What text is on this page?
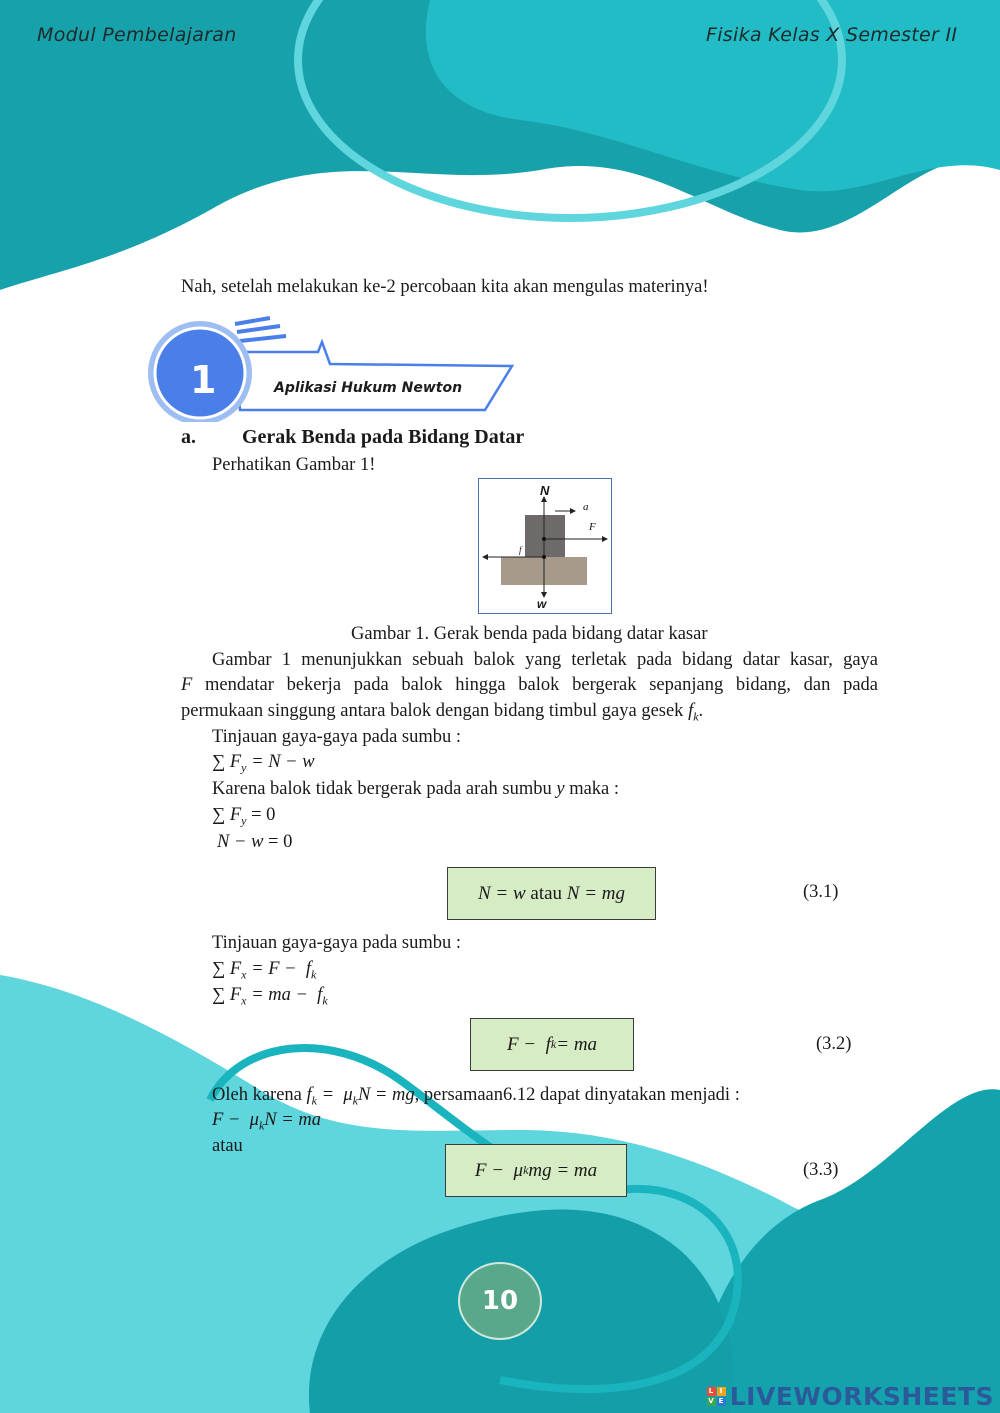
Modul Pembelajaran	Fisika Kelas X Semester II
Nah, setelah melakukan ke-2 percobaan kita akan mengulas materinya!
1	Aplikasi Hukum Newton
a. Gerak Benda pada Bidang Datar
Perhatikan Gambar 1!
N
a
F
f
w
Gambar 1. Gerak benda pada bidang datar kasar
Gambar 1 menunjukkan sebuah balok yang terletak pada bidang datar kasar, gaya
F mendatar bekerja pada balok hingga balok bergerak sepanjang bidang, dan pada
permukaan singgung antara balok dengan bidang timbul gaya gesek $f_k$.
Tinjauan gaya-gaya pada sumbu :
∑ $F_y = N - w$
Karena balok tidak bergerak pada arah sumbu y maka :
∑ $F_y = 0$
N − w = 0
N = w atau N = mg	(3.1)
Tinjauan gaya-gaya pada sumbu :
∑ $F_x = F - f_k$
∑ $F_x$ = ma −  $f_k$
F −  f k = ma	(3.2)
Oleh karena $f_k = \mu_kN$ = mg, persamaan6.12 dapat dinyatakan menjadi :
$F - \mu_kN$ = ma
atau
F −  μ k mg = ma	(3.3)
10
L I
V E LIVEWORKSHEETS
